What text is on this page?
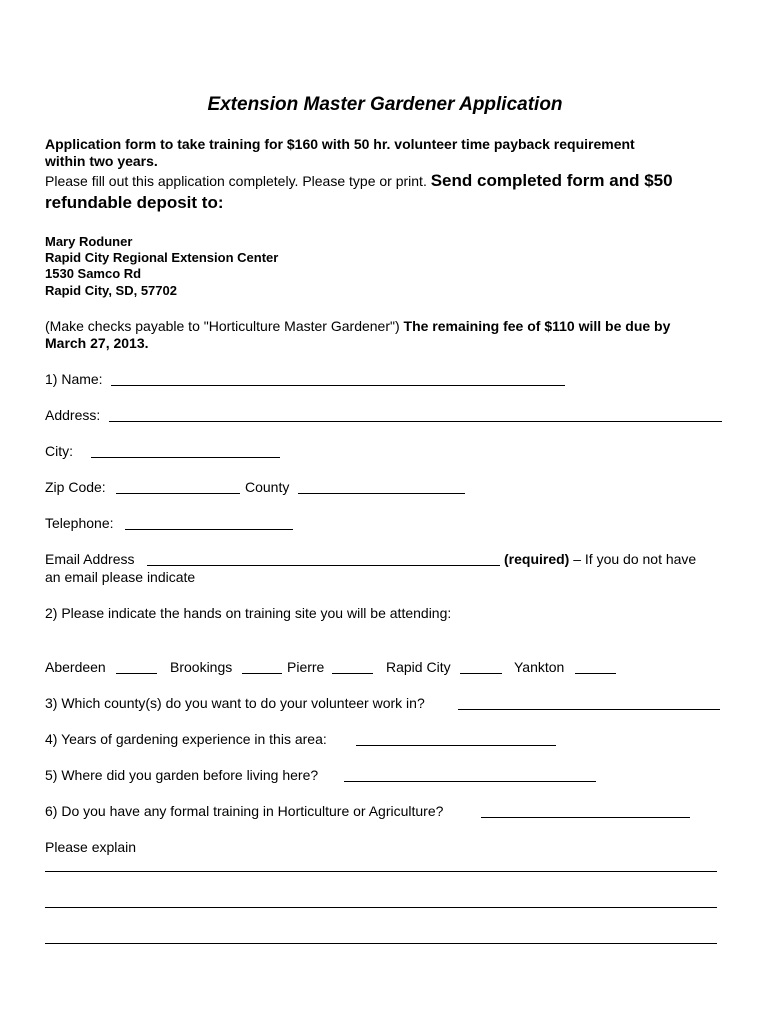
Extension Master Gardener Application
Application form to take training for $160 with 50 hr. volunteer time payback requirement
within two years.
Please fill out this application completely. Please type or print. Send completed form and $50
refundable deposit to:
Mary Roduner
Rapid City Regional Extension Center
1530 Samco Rd
Rapid City, SD, 57702
(Make checks payable to "Horticulture Master Gardener") The remaining fee of $110 will be due by
March 27, 2013.
1) Name:
Address:
City:
Zip Code:	County
Telephone:
Email Address	(required) – If you do not have
an email please indicate
2) Please indicate the hands on training site you will be attending:
Aberdeen	Brookings	Pierre	Rapid City	Yankton
3) Which county(s) do you want to do your volunteer work in?
4) Years of gardening experience in this area:
5) Where did you garden before living here?
6) Do you have any formal training in Horticulture or Agriculture?
Please explain
